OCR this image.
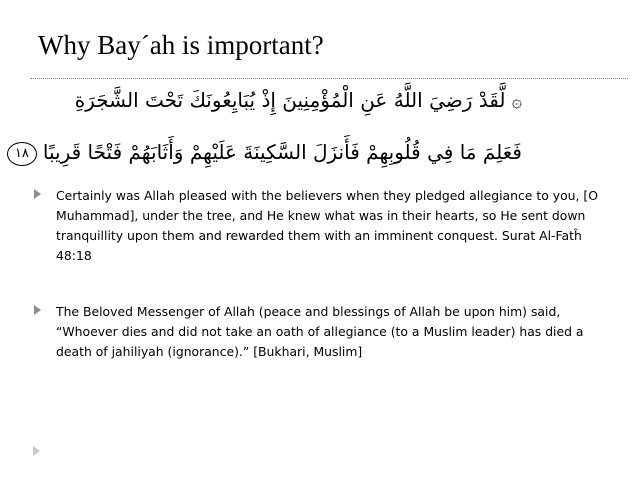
Why Bay´ah is important?
۞لَّقَدْ رَضِيَ اللَّهُ عَنِ الْمُؤْمِنِينَ إِذْ يُبَايِعُونَكَ تَحْتَ الشَّجَرَةِ
فَعَلِمَ مَا فِي قُلُوبِهِمْ فَأَنزَلَ السَّكِينَةَ عَلَيْهِمْ وَأَثَابَهُمْ فَتْحًا قَرِيبًا١٨
Certainly was Allah pleased with the believers when they pledged allegiance to you, [O Muhammad], under the tree, and He knew what was in their hearts, so He sent down tranquillity upon them and rewarded them with an imminent conquest. Surat Al-Fatĥ 48:18
The Beloved Messenger of Allah (peace and blessings of Allah be upon him) said, “Whoever dies and did not take an oath of allegiance (to a Muslim leader) has died a death of jahiliyah (ignorance).” [Bukhari, Muslim]
